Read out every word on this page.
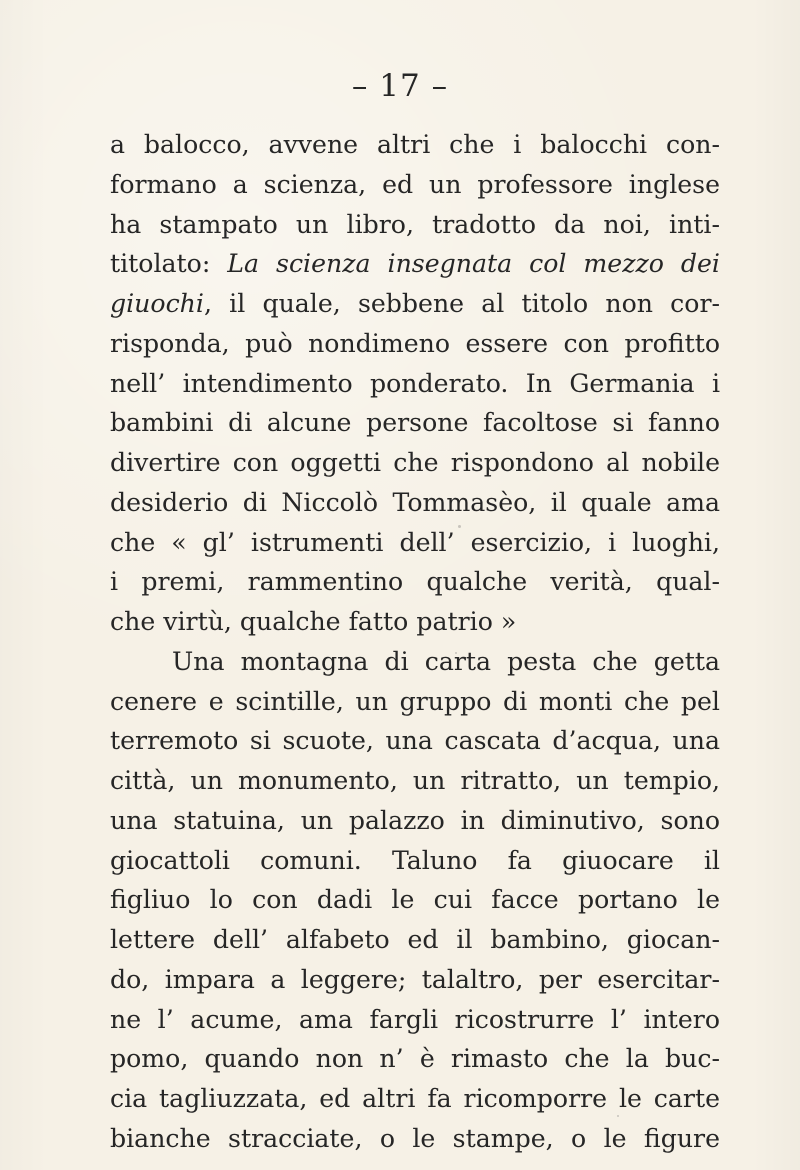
– 17 –
a balocco, avvene altri che i balocchi con-
formano a scienza, ed un professore inglese
ha stampato un libro, tradotto da noi, inti-
titolato: La scienza insegnata col mezzo dei
giuochi, il quale, sebbene al titolo non cor-
risponda, può nondimeno essere con profitto
nell’ intendimento ponderato. In Germania i
bambini di alcune persone facoltose si fanno
divertire con oggetti che rispondono al nobile
desiderio di Niccolò Tommasèo, il quale ama
che « gl’ istrumenti dell’ esercizio, i luoghi,
i premi, rammentino qualche verità, qual-
che virtù, qualche fatto patrio »
Una montagna di carta pesta che getta
cenere e scintille, un gruppo di monti che pel
terremoto si scuote, una cascata d’acqua, una
città, un monumento, un ritratto, un tempio,
una statuina, un palazzo in diminutivo, sono
giocattoli comuni. Taluno fa giuocare il
figliuo lo con dadi le cui facce portano le
lettere dell’ alfabeto ed il bambino, giocan-
do, impara a leggere; talaltro, per esercitar-
ne l’ acume, ama fargli ricostrurre l’ intero
pomo, quando non n’ è rimasto che la buc-
cia tagliuzzata, ed altri fa ricomporre le carte
bianche stracciate, o le stampe, o le figure
